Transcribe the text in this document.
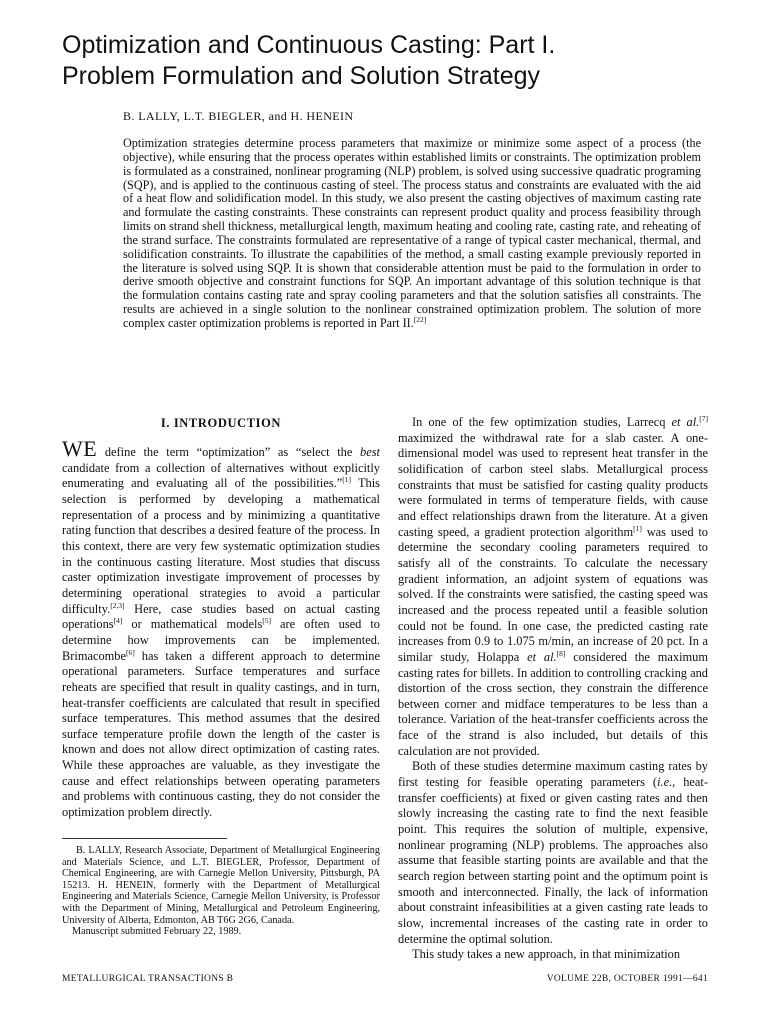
Optimization and Continuous Casting: Part I.
Problem Formulation and Solution Strategy

B. LALLY, L.T. BIEGLER, and H. HENEIN

Optimization strategies determine process parameters that maximize or minimize some aspect of a process (the objective), while ensuring that the process operates within established limits or constraints. The optimization problem is formulated as a constrained, nonlinear programing (NLP) problem, is solved using successive quadratic programing (SQP), and is applied to the continuous casting of steel. The process status and constraints are evaluated with the aid of a heat flow and solidification model. In this study, we also present the casting objectives of maximum casting rate and formulate the casting constraints. These constraints can represent product quality and process feasibility through limits on strand shell thickness, metallurgical length, maximum heating and cooling rate, casting rate, and reheating of the strand surface. The constraints formulated are representative of a range of typical caster mechanical, thermal, and solidification constraints. To illustrate the capabilities of the method, a small casting example previously reported in the literature is solved using SQP. It is shown that considerable attention must be paid to the formulation in order to derive smooth objective and constraint functions for SQP. An important advantage of this solution technique is that the formulation contains casting rate and spray cooling parameters and that the solution satisfies all constraints. The results are achieved in a single solution to the nonlinear constrained optimization problem. The solution of more complex caster optimization problems is reported in Part II.[22]

I. INTRODUCTION

WE define the term “optimization” as “select the best candidate from a collection of alternatives without explicitly enumerating and evaluating all of the possibilities.”[1] This selection is performed by developing a mathematical representation of a process and by minimizing a quantitative rating function that describes a desired feature of the process. In this context, there are very few systematic optimization studies in the continuous casting literature. Most studies that discuss caster optimization investigate improvement of processes by determining operational strategies to avoid a particular difficulty.[2,3] Here, case studies based on actual casting operations[4] or mathematical models[5] are often used to determine how improvements can be implemented. Brimacombe[6] has taken a different approach to determine operational parameters. Surface temperatures and surface reheats are specified that result in quality castings, and in turn, heat-transfer coefficients are calculated that result in specified surface temperatures. This method assumes that the desired surface temperature profile down the length of the caster is known and does not allow direct optimization of casting rates. While these approaches are valuable, as they investigate the cause and effect relationships between operating parameters and problems with continuous casting, they do not consider the optimization problem directly.

In one of the few optimization studies, Larrecq et al.[7] maximized the withdrawal rate for a slab caster. A one-dimensional model was used to represent heat transfer in the solidification of carbon steel slabs. Metallurgical process constraints that must be satisfied for casting quality products were formulated in terms of temperature fields, with cause and effect relationships drawn from the literature. At a given casting speed, a gradient protection algorithm[1] was used to determine the secondary cooling parameters required to satisfy all of the constraints. To calculate the necessary gradient information, an adjoint system of equations was solved. If the constraints were satisfied, the casting speed was increased and the process repeated until a feasible solution could not be found. In one case, the predicted casting rate increases from 0.9 to 1.075 m/min, an increase of 20 pct. In a similar study, Holappa et al.[8] considered the maximum casting rates for billets. In addition to controlling cracking and distortion of the cross section, they constrain the difference between corner and midface temperatures to be less than a tolerance. Variation of the heat-transfer coefficients across the face of the strand is also included, but details of this calculation are not provided.

Both of these studies determine maximum casting rates by first testing for feasible operating parameters (i.e., heat-transfer coefficients) at fixed or given casting rates and then slowly increasing the casting rate to find the next feasible point. This requires the solution of multiple, expensive, nonlinear programing (NLP) problems. The approaches also assume that feasible starting points are available and that the search region between starting point and the optimum point is smooth and interconnected. Finally, the lack of information about constraint infeasibilities at a given casting rate leads to slow, incremental increases of the casting rate in order to determine the optimal solution.

This study takes a new approach, in that minimization

B. LALLY, Research Associate, Department of Metallurgical Engineering and Materials Science, and L.T. BIEGLER, Professor, Department of Chemical Engineering, are with Carnegie Mellon University, Pittsburgh, PA 15213. H. HENEIN, formerly with the Department of Metallurgical Engineering and Materials Science, Carnegie Mellon University, is Professor with the Department of Mining, Metallurgical and Petroleum Engineering, University of Alberta, Edmonton, AB T6G 2G6, Canada.

Manuscript submitted February 22, 1989.

METALLURGICAL TRANSACTIONS B	VOLUME 22B, OCTOBER 1991—641
